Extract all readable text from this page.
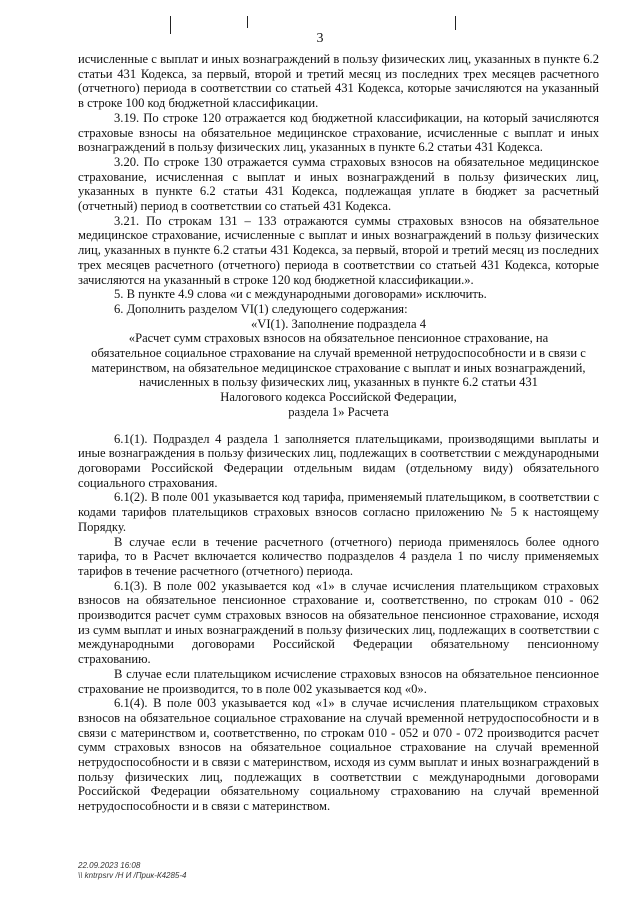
3

исчисленные с выплат и иных вознаграждений в пользу физических лиц, указанных в пункте 6.2 статьи 431 Кодекса, за первый, второй и третий месяц из последних трех месяцев расчетного (отчетного) периода в соответствии со статьей 431 Кодекса, которые зачисляются на указанный в строке 100 код бюджетной классификации.

3.19. По строке 120 отражается код бюджетной классификации, на который зачисляются страховые взносы на обязательное медицинское страхование, исчисленные с выплат и иных вознаграждений в пользу физических лиц, указанных в пункте 6.2 статьи 431 Кодекса.

3.20. По строке 130 отражается сумма страховых взносов на обязательное медицинское страхование, исчисленная с выплат и иных вознаграждений в пользу физических лиц, указанных в пункте 6.2 статьи 431 Кодекса, подлежащая уплате в бюджет за расчетный (отчетный) период в соответствии со статьей 431 Кодекса.

3.21. По строкам 131 – 133 отражаются суммы страховых взносов на обязательное медицинское страхование, исчисленные с выплат и иных вознаграждений в пользу физических лиц, указанных в пункте 6.2 статьи 431 Кодекса, за первый, второй и третий месяц из последних трех месяцев расчетного (отчетного) периода в соответствии со статьей 431 Кодекса, которые зачисляются на указанный в строке 120 код бюджетной классификации.».

5. В пункте 4.9 слова «и с международными договорами» исключить.

6. Дополнить разделом VI(1) следующего содержания:

«VI(1). Заполнение подраздела 4

«Расчет сумм страховых взносов на обязательное пенсионное страхование, на

обязательное социальное страхование на случай временной нетрудоспособности и в связи с

материнством, на обязательное медицинское страхование с выплат и иных вознаграждений,

начисленных в пользу физических лиц, указанных в пункте 6.2 статьи 431

Налогового кодекса Российской Федерации,

раздела 1» Расчета

6.1(1). Подраздел 4 раздела 1 заполняется плательщиками, производящими выплаты и иные вознаграждения в пользу физических лиц, подлежащих в соответствии с международными договорами Российской Федерации отдельным видам (отдельному виду) обязательного социального страхования.

6.1(2). В поле 001 указывается код тарифа, применяемый плательщиком, в соответствии с кодами тарифов плательщиков страховых взносов согласно приложению № 5 к настоящему Порядку.

В случае если в течение расчетного (отчетного) периода применялось более одного тарифа, то в Расчет включается количество подразделов 4 раздела 1 по числу применяемых тарифов в течение расчетного (отчетного) периода.

6.1(3). В поле 002 указывается код «1» в случае исчисления плательщиком страховых взносов на обязательное пенсионное страхование и, соответственно, по строкам 010 - 062 производится расчет сумм страховых взносов на обязательное пенсионное страхование, исходя из сумм выплат и иных вознаграждений в пользу физических лиц, подлежащих в соответствии с международными договорами Российской Федерации обязательному пенсионному страхованию.

В случае если плательщиком исчисление страховых взносов на обязательное пенсионное страхование не производится, то в поле 002 указывается код «0».

6.1(4). В поле 003 указывается код «1» в случае исчисления плательщиком страховых взносов на обязательное социальное страхование на случай временной нетрудоспособности и в связи с материнством и, соответственно, по строкам 010 - 052 и 070 - 072 производится расчет сумм страховых взносов на обязательное социальное страхование на случай временной нетрудоспособности и в связи с материнством, исходя из сумм выплат и иных вознаграждений в пользу физических лиц, подлежащих в соответствии с международными договорами Российской Федерации обязательному социальному страхованию на случай временной нетрудоспособности и в связи с материнством.

22.09.2023 16:08
\\ kntrpsrv /Н И /Прик-К4285-4
